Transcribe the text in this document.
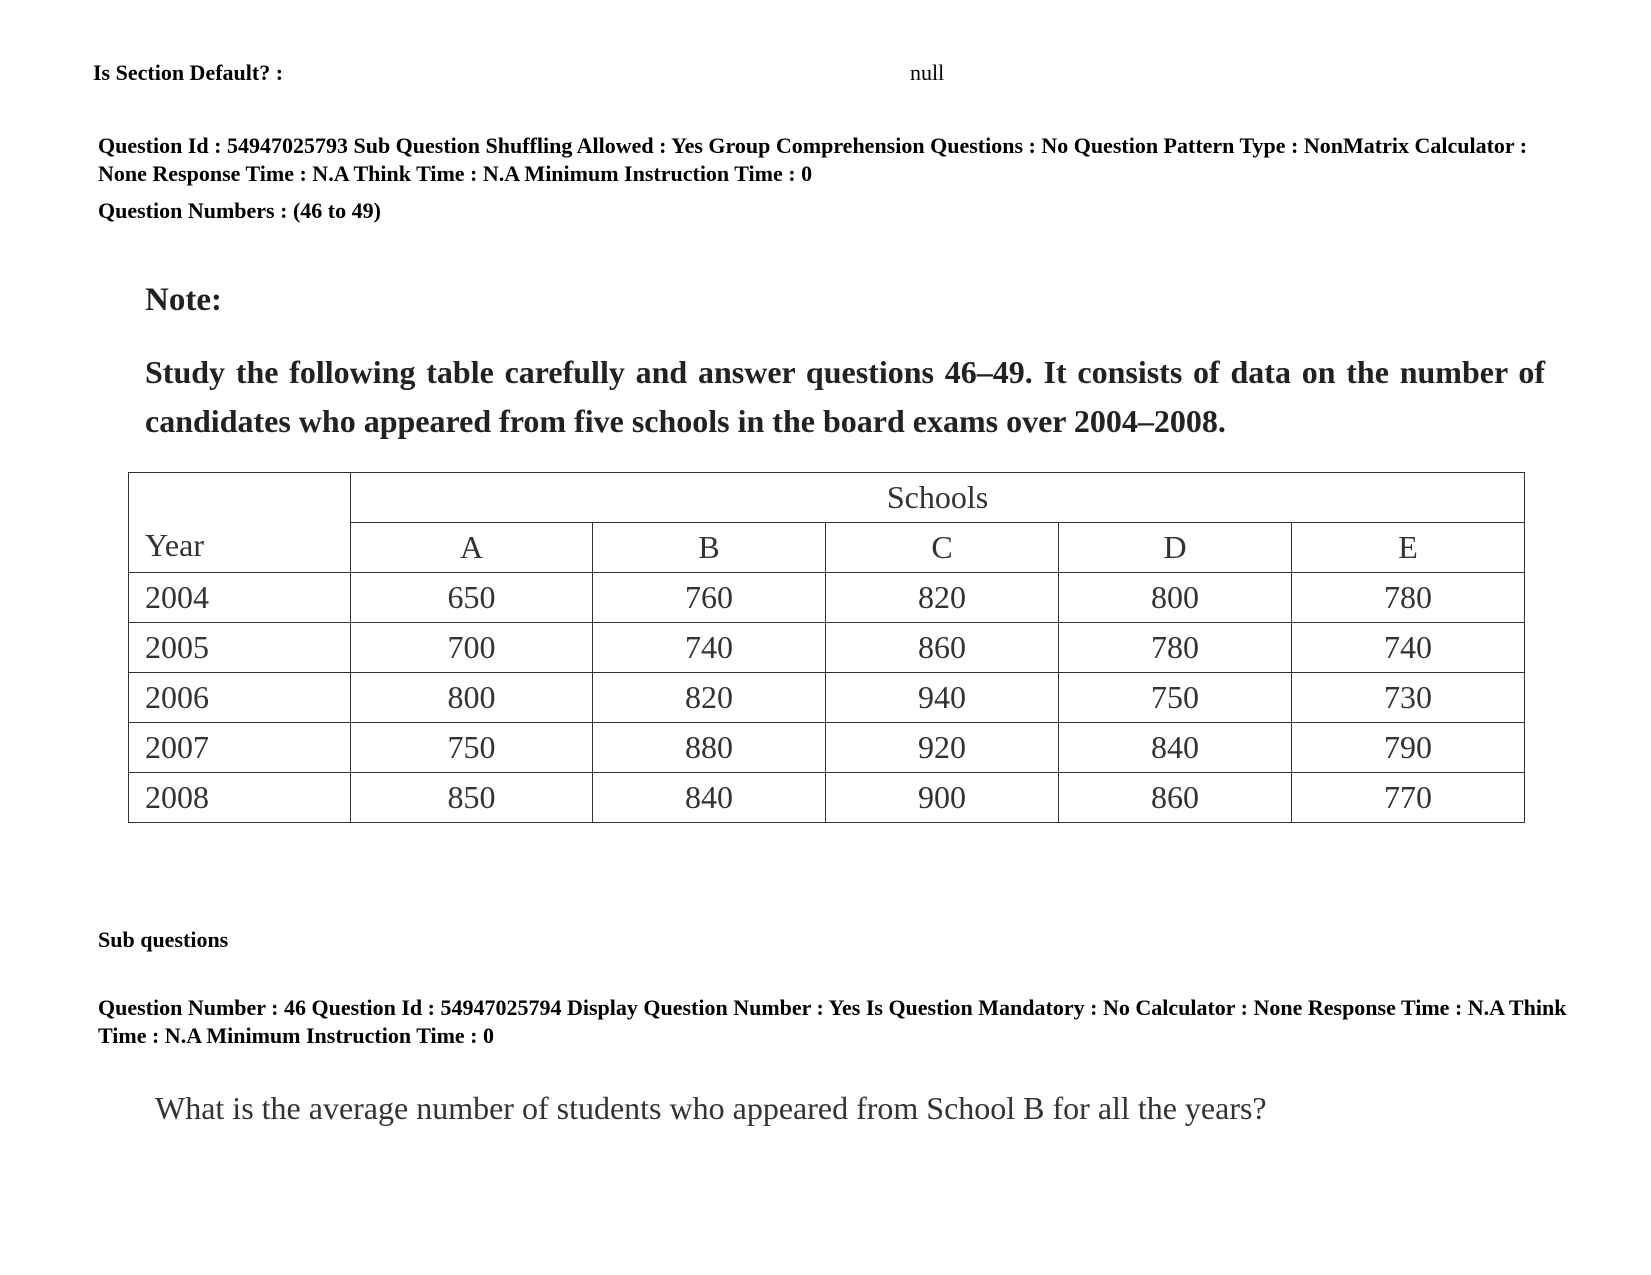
Is Section Default? :	null
Question Id : 54947025793 Sub Question Shuffling Allowed : Yes Group Comprehension Questions : No Question Pattern Type : NonMatrix Calculator : None Response Time : N.A Think Time : N.A Minimum Instruction Time : 0
Question Numbers : (46 to 49)
Note:
Study the following table carefully and answer questions 46–49. It consists of data on the number of candidates who appeared from five schools in the board exams over 2004–2008.
Year	Schools				
	A	B	C	D	E
2004	650	760	820	800	780
2005	700	740	860	780	740
2006	800	820	940	750	730
2007	750	880	920	840	790
2008	850	840	900	860	770
Sub questions
Question Number : 46 Question Id : 54947025794 Display Question Number : Yes Is Question Mandatory : No Calculator : None Response Time : N.A Think Time : N.A Minimum Instruction Time : 0
What is the average number of students who appeared from School B for all the years?
